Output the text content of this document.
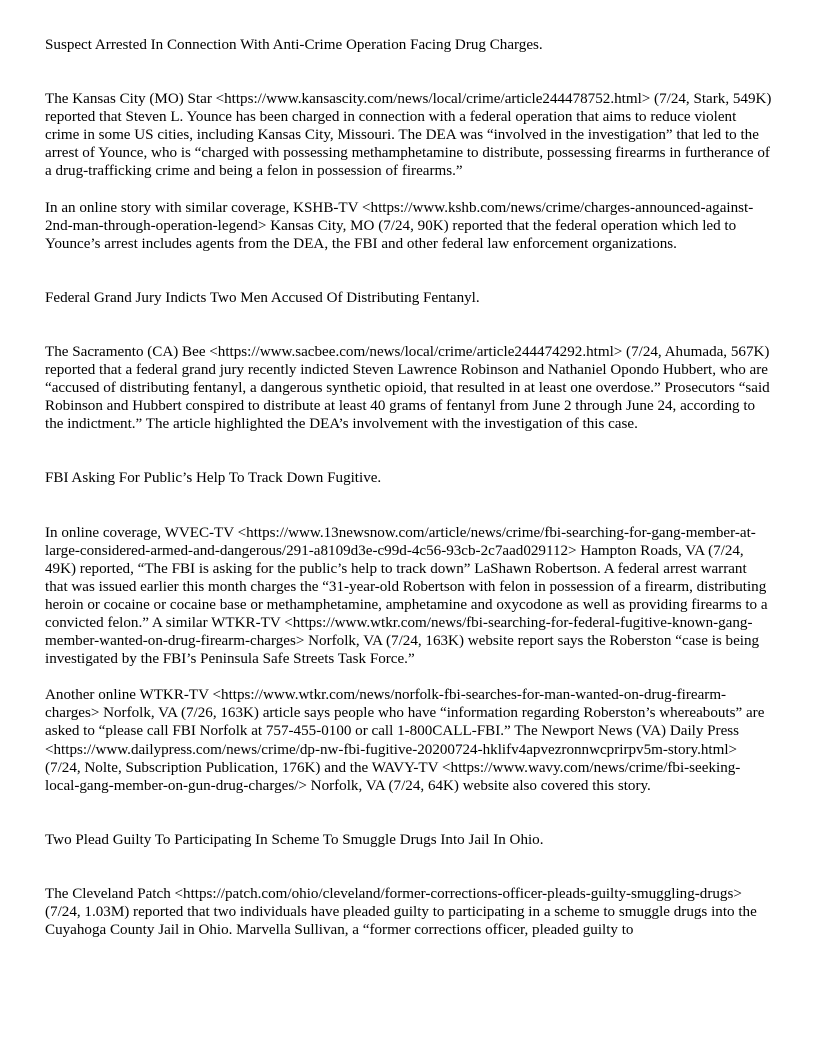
Suspect Arrested In Connection With Anti-Crime Operation Facing Drug Charges.

The Kansas City (MO) Star <https://www.kansascity.com/news/local/crime/article244478752.html> (7/24, Stark, 549K) reported that Steven L. Younce has been charged in connection with a federal operation that aims to reduce violent crime in some US cities, including Kansas City, Missouri. The DEA was “involved in the investigation” that led to the arrest of Younce, who is “charged with possessing methamphetamine to distribute, possessing firearms in furtherance of a drug-trafficking crime and being a felon in possession of firearms.”

In an online story with similar coverage, KSHB-TV <https://www.kshb.com/news/crime/charges-announced-against-2nd-man-through-operation-legend> Kansas City, MO (7/24, 90K) reported that the federal operation which led to Younce’s arrest includes agents from the DEA, the FBI and other federal law enforcement organizations.

Federal Grand Jury Indicts Two Men Accused Of Distributing Fentanyl.

The Sacramento (CA) Bee <https://www.sacbee.com/news/local/crime/article244474292.html> (7/24, Ahumada, 567K) reported that a federal grand jury recently indicted Steven Lawrence Robinson and Nathaniel Opondo Hubbert, who are “accused of distributing fentanyl, a dangerous synthetic opioid, that resulted in at least one overdose.” Prosecutors “said Robinson and Hubbert conspired to distribute at least 40 grams of fentanyl from June 2 through June 24, according to the indictment.” The article highlighted the DEA’s involvement with the investigation of this case.

FBI Asking For Public’s Help To Track Down Fugitive.

In online coverage, WVEC-TV <https://www.13newsnow.com/article/news/crime/fbi-searching-for-gang-member-at-large-considered-armed-and-dangerous/291-a8109d3e-c99d-4c56-93cb-2c7aad029112> Hampton Roads, VA (7/24, 49K) reported, “The FBI is asking for the public’s help to track down” LaShawn Robertson. A federal arrest warrant that was issued earlier this month charges the “31-year-old Robertson with felon in possession of a firearm, distributing heroin or cocaine or cocaine base or methamphetamine, amphetamine and oxycodone as well as providing firearms to a convicted felon.” A similar WTKR-TV <https://www.wtkr.com/news/fbi-searching-for-federal-fugitive-known-gang-member-wanted-on-drug-firearm-charges> Norfolk, VA (7/24, 163K) website report says the Roberston “case is being investigated by the FBI’s Peninsula Safe Streets Task Force.”

Another online WTKR-TV <https://www.wtkr.com/news/norfolk-fbi-searches-for-man-wanted-on-drug-firearm-charges> Norfolk, VA (7/26, 163K) article says people who have “information regarding Roberston’s whereabouts” are asked to “please call FBI Norfolk at 757-455-0100 or call 1-800CALL-FBI.” The Newport News (VA) Daily Press <https://www.dailypress.com/news/crime/dp-nw-fbi-fugitive-20200724-hklifv4apvezronnwcprirpv5m-story.html> (7/24, Nolte, Subscription Publication, 176K) and the WAVY-TV <https://www.wavy.com/news/crime/fbi-seeking-local-gang-member-on-gun-drug-charges/> Norfolk, VA (7/24, 64K) website also covered this story.

Two Plead Guilty To Participating In Scheme To Smuggle Drugs Into Jail In Ohio.

The Cleveland Patch <https://patch.com/ohio/cleveland/former-corrections-officer-pleads-guilty-smuggling-drugs> (7/24, 1.03M) reported that two individuals have pleaded guilty to participating in a scheme to smuggle drugs into the Cuyahoga County Jail in Ohio. Marvella Sullivan, a “former corrections officer, pleaded guilty to
